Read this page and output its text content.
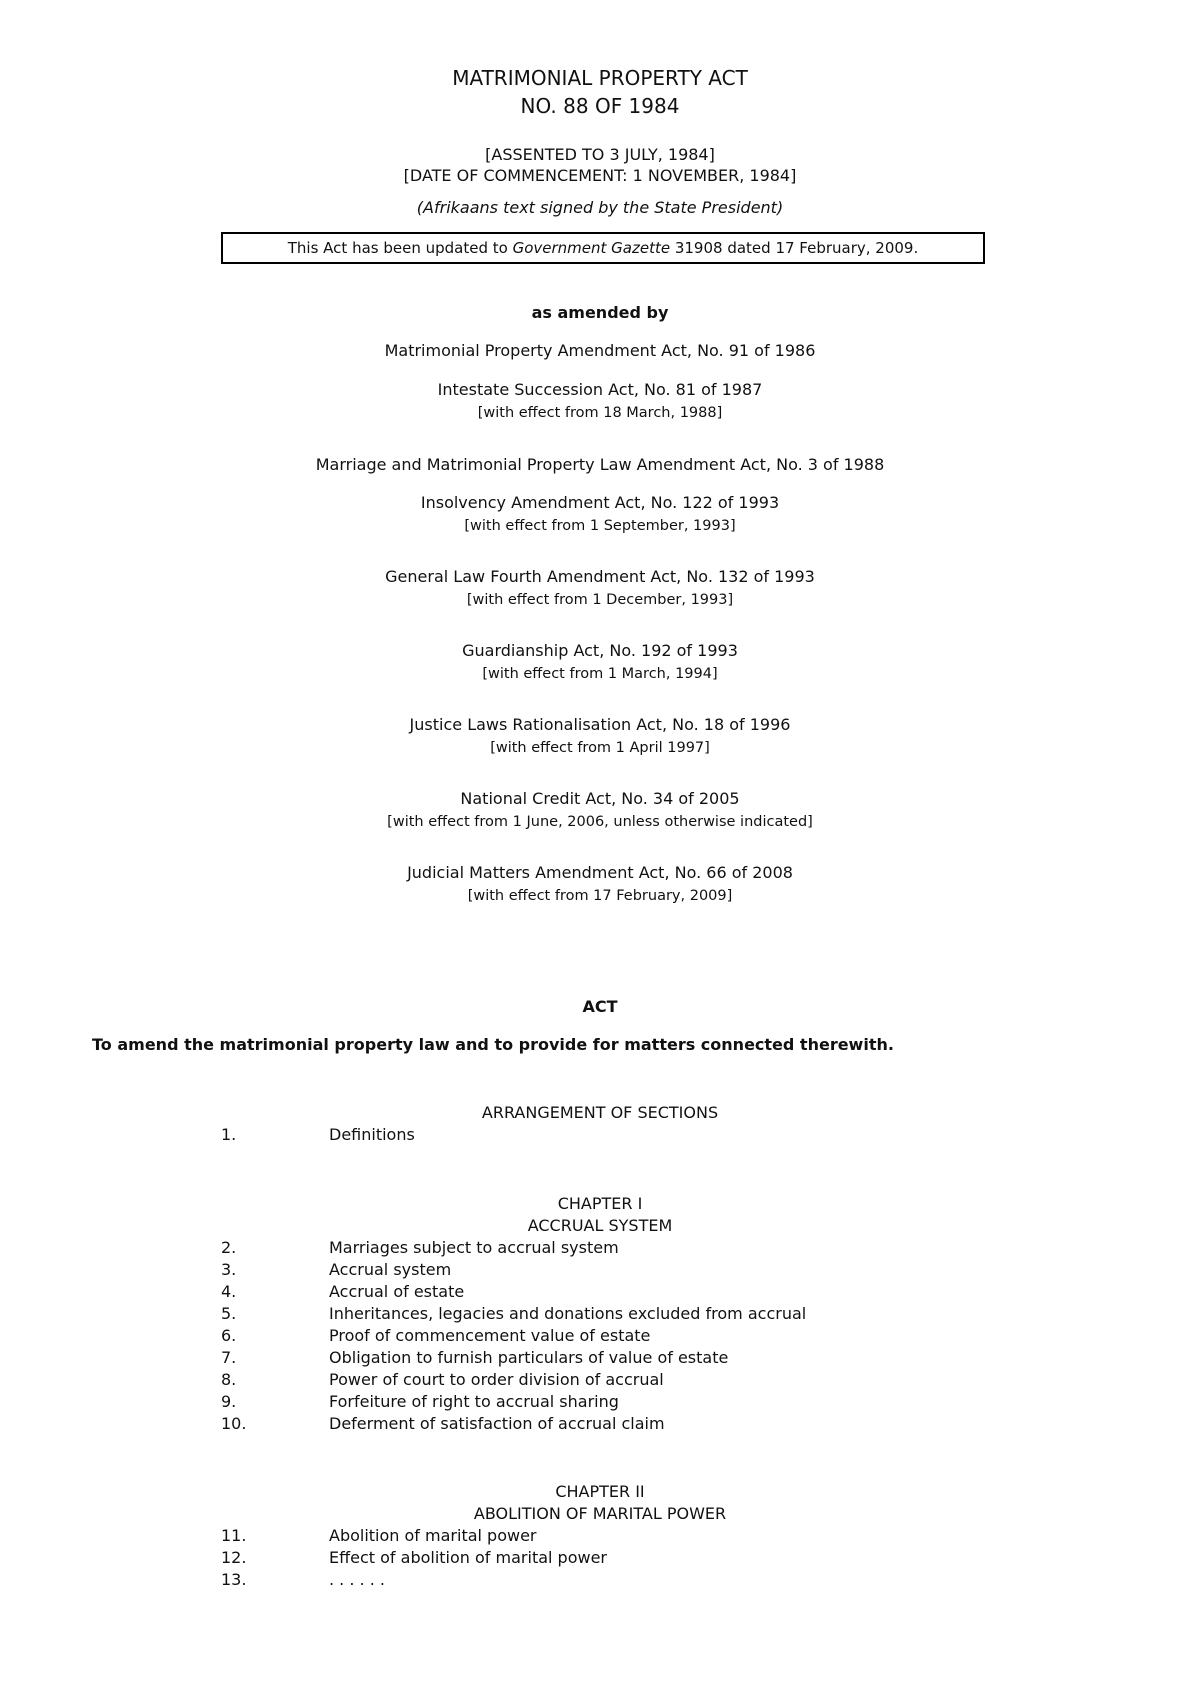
MATRIMONIAL PROPERTY ACT
NO. 88 OF 1984
[ASSENTED TO 3 JULY, 1984]
[DATE OF COMMENCEMENT: 1 NOVEMBER, 1984]
(Afrikaans text signed by the State President)
This Act has been updated to Government Gazette 31908 dated 17 February, 2009.
as amended by
Matrimonial Property Amendment Act, No. 91 of 1986
Intestate Succession Act, No. 81 of 1987
[with effect from 18 March, 1988]
Marriage and Matrimonial Property Law Amendment Act, No. 3 of 1988
Insolvency Amendment Act, No. 122 of 1993
[with effect from 1 September, 1993]
General Law Fourth Amendment Act, No. 132 of 1993
[with effect from 1 December, 1993]
Guardianship Act, No. 192 of 1993
[with effect from 1 March, 1994]
Justice Laws Rationalisation Act, No. 18 of 1996
[with effect from 1 April 1997]
National Credit Act, No. 34 of 2005
[with effect from 1 June, 2006, unless otherwise indicated]
Judicial Matters Amendment Act, No. 66 of 2008
[with effect from 17 February, 2009]
ACT
To amend the matrimonial property law and to provide for matters connected therewith.
ARRANGEMENT OF SECTIONS
1.	Definitions
CHAPTER I
ACCRUAL SYSTEM
2.	Marriages subject to accrual system
3.	Accrual system
4.	Accrual of estate
5.	Inheritances, legacies and donations excluded from accrual
6.	Proof of commencement value of estate
7.	Obligation to furnish particulars of value of estate
8.	Power of court to order division of accrual
9.	Forfeiture of right to accrual sharing
10.	Deferment of satisfaction of accrual claim
CHAPTER II
ABOLITION OF MARITAL POWER
11.	Abolition of marital power
12.	Effect of abolition of marital power
13.	. . . . . .
